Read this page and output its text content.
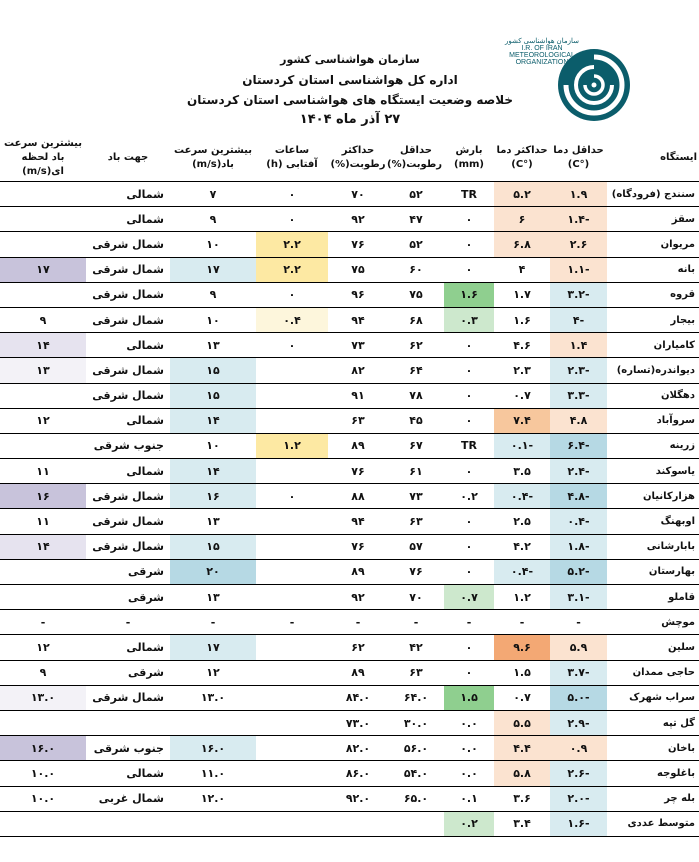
سازمان هواشناسی کشور
I.R. OF IRAN
METEOROLOGICAL
ORGANIZATION
سازمان هواشناسی کشور
اداره کل هواشناسی استان کردستان
خلاصه وضعیت ایستگاه های هواشناسی استان کردستان
۲۷ آذر ماه ۱۴۰۴
ایستگاه	حداقل دما (°C)	حداکثر دما (°C)	بارش (mm)	حداقل رطوبت(%)	حداکثر رطوبت(%)	ساعات آفتابی (h)	بیشترین سرعت باد(m/s)	جهت باد	بیشترین سرعت باد لحظه ای(m/s)
سنندج (فرودگاه)	۱.۹	۵.۲	TR	۵۲	۷۰	۰	۷	شمالی	
سقز	-۱.۴	۶	۰	۴۷	۹۲	۰	۹	شمالی	
مریوان	۲.۶	۶.۸	۰	۵۲	۷۶	۲.۲	۱۰	شمال شرقی	
بانه	-۱.۱	۴	۰	۶۰	۷۵	۲.۲	۱۷	شمال شرقی	۱۷
قروه	-۳.۲	۱.۷	۱.۶	۷۵	۹۶	۰	۹	شمال شرقی	
بیجار	-۴	۱.۶	۰.۳	۶۸	۹۴	۰.۴	۱۰	شمال شرقی	۹
کامیاران	۱.۴	۴.۶	۰	۶۲	۷۳	۰	۱۳	شمالی	۱۴
دیواندره(تساره)	-۲.۳	۲.۳	۰	۶۴	۸۲		۱۵	شمال شرقی	۱۳
دهگلان	-۳.۳	۰.۷	۰	۷۸	۹۱		۱۵	شمال شرقی	
سروآباد	۴.۸	۷.۴	۰	۴۵	۶۳		۱۴	شمالی	۱۲
زرینه	-۶.۴	-۰.۱	TR	۶۷	۸۹	۱.۲	۱۰	جنوب شرقی	
یاسوکند	-۲.۴	۳.۵	۰	۶۱	۷۶		۱۴	شمالی	۱۱
هزارکانیان	-۴.۸	-۰.۴	۰.۲	۷۳	۸۸	۰	۱۶	شمال شرقی	۱۶
اوبهنگ	-۰.۴	۲.۵	۰	۶۳	۹۴		۱۳	شمال شرقی	۱۱
بابارشانی	-۱.۸	۴.۲	۰	۵۷	۷۶		۱۵	شمال شرقی	۱۴
بهارستان	-۵.۲	-۰.۴	۰	۷۶	۸۹		۲۰	شرقی	
قاملو	-۳.۱	۱.۲	۰.۷	۷۰	۹۲		۱۳	شرقی	
موچش	-	-	-	-	-	-	-	-	-
سلین	۵.۹	۹.۶	۰	۴۲	۶۲		۱۷	شمالی	۱۲
حاجی ممدان	-۳.۷	۱.۵	۰	۶۳	۸۹		۱۲	شرقی	۹
سراب شهرک	-۵.۰	۰.۷	۱.۵	۶۴.۰	۸۴.۰		۱۳.۰	شمال شرقی	۱۳.۰
گل تپه	-۲.۹	۵.۵	۰.۰	۳۰.۰	۷۳.۰				
باخان	۰.۹	۴.۴	۰.۰	۵۶.۰	۸۲.۰		۱۶.۰	جنوب شرقی	۱۶.۰
باغلوجه	-۲.۶	۵.۸	۰.۰	۵۴.۰	۸۶.۰		۱۱.۰	شمالی	۱۰.۰
بله چر	-۲.۰	۳.۶	۰.۱	۶۵.۰	۹۲.۰		۱۲.۰	شمال غربی	۱۰.۰
متوسط عددی	-۱.۶	۳.۴	۰.۲						
